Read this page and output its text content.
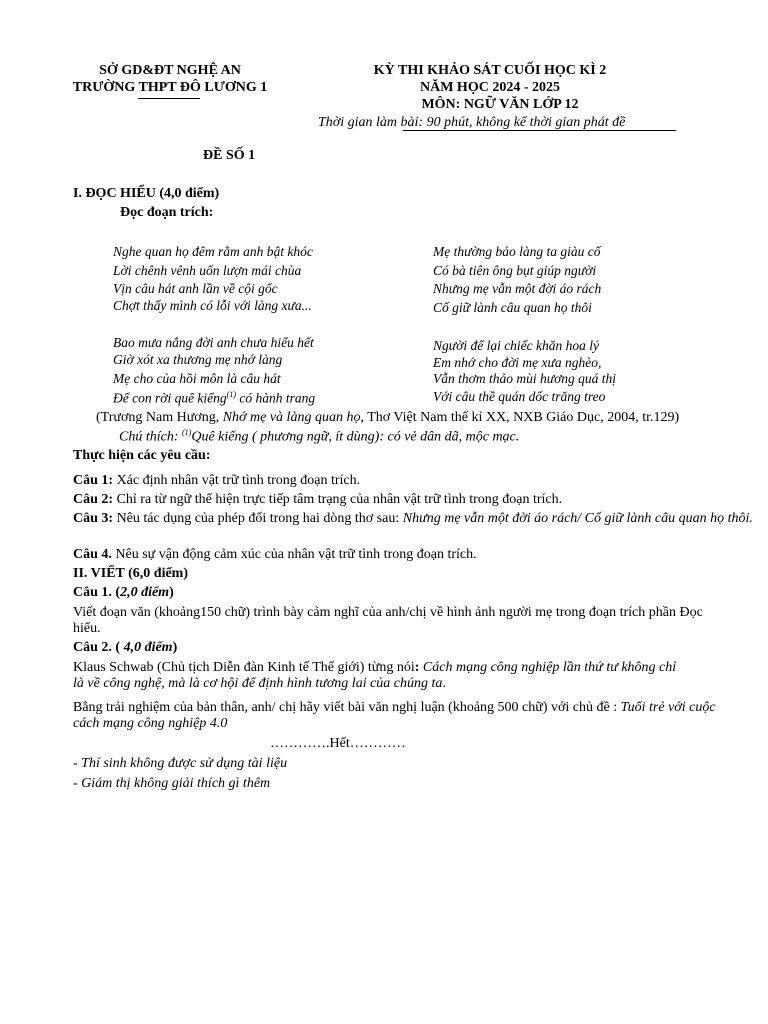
SỞ GD&ĐT NGHỆ AN
TRƯỜNG THPT ĐÔ LƯƠNG 1
KỲ THI KHẢO SÁT CUỐI HỌC KÌ 2
NĂM HỌC 2024 - 2025
MÔN: NGỮ VĂN LỚP 12
Thời gian làm bài: 90 phút, không kể thời gian phát đề
ĐỀ SỐ 1
I. ĐỌC HIỂU (4,0 điểm)
Đọc đoạn trích:
Nghe quan họ đêm rằm anh bật khóc
Lời chênh vênh uốn lượn mái chùa
Vịn câu hát anh lần về cội gốc
Chợt thấy mình có lỗi với làng xưa...
Bao mưa nắng đời anh chưa hiểu hết
Giờ xót xa thương mẹ nhớ làng
Mẹ cho của hồi môn là câu hát
Để con rời quê kiểng$^{(1)}$ có hành trang
Mẹ thường bảo làng ta giàu cố
Có bà tiên ông bụt giúp người
Nhưng mẹ vẫn một đời áo rách
Cố giữ lành câu quan họ thôi
Người để lại chiếc khăn hoa lý
Em nhớ cho đời mẹ xưa nghèo,
Vẫn thơm thảo mùi hương quá thị
Với câu thề quán dốc trăng treo
(Trương Nam Hương, Nhớ mẹ và làng quan họ, Thơ Việt Nam thế kỉ XX, NXB Giáo Dục, 2004, tr.129)
Chú thích: $^{(1)}$Quê kiểng ( phương ngữ, ít dùng): có vẻ dân dã, mộc mạc.
Thực hiện các yêu cầu:
Câu 1: Xác định nhân vật trữ tình trong đoạn trích.
Câu 2: Chỉ ra từ ngữ thể hiện trực tiếp tâm trạng của nhân vật trữ tình trong đoạn trích.
Câu 3: Nêu tác dụng của phép đối trong hai dòng thơ sau: Nhưng mẹ vẫn một đời áo rách/ Cố giữ lành câu quan họ thôi.
Câu 4. Nêu sự vận động cảm xúc của nhân vật trữ tình trong đoạn trích.
II. VIẾT (6,0 điểm)
Câu 1. (2,0 điểm)
Viết đoạn văn (khoảng150 chữ) trình bày cảm nghĩ của anh/chị về hình ảnh người mẹ trong đoạn trích phần Đọc hiểu.
Câu 2. ( 4,0 điểm)
Klaus Schwab (Chủ tịch Diễn đàn Kinh tế Thế giới) từng nói: Cách mạng công nghiệp lần thứ tư không chỉ là về công nghệ, mà là cơ hội để định hình tương lai của chúng ta.
Bằng trải nghiệm của bản thân, anh/ chị hãy viết bài văn nghị luận (khoảng 500 chữ) với chủ đề : Tuổi trẻ với cuộc cách mạng công nghiệp 4.0
………….Hết…………
- Thí sinh không được sử dụng tài liệu
- Giám thị không giải thích gì thêm
